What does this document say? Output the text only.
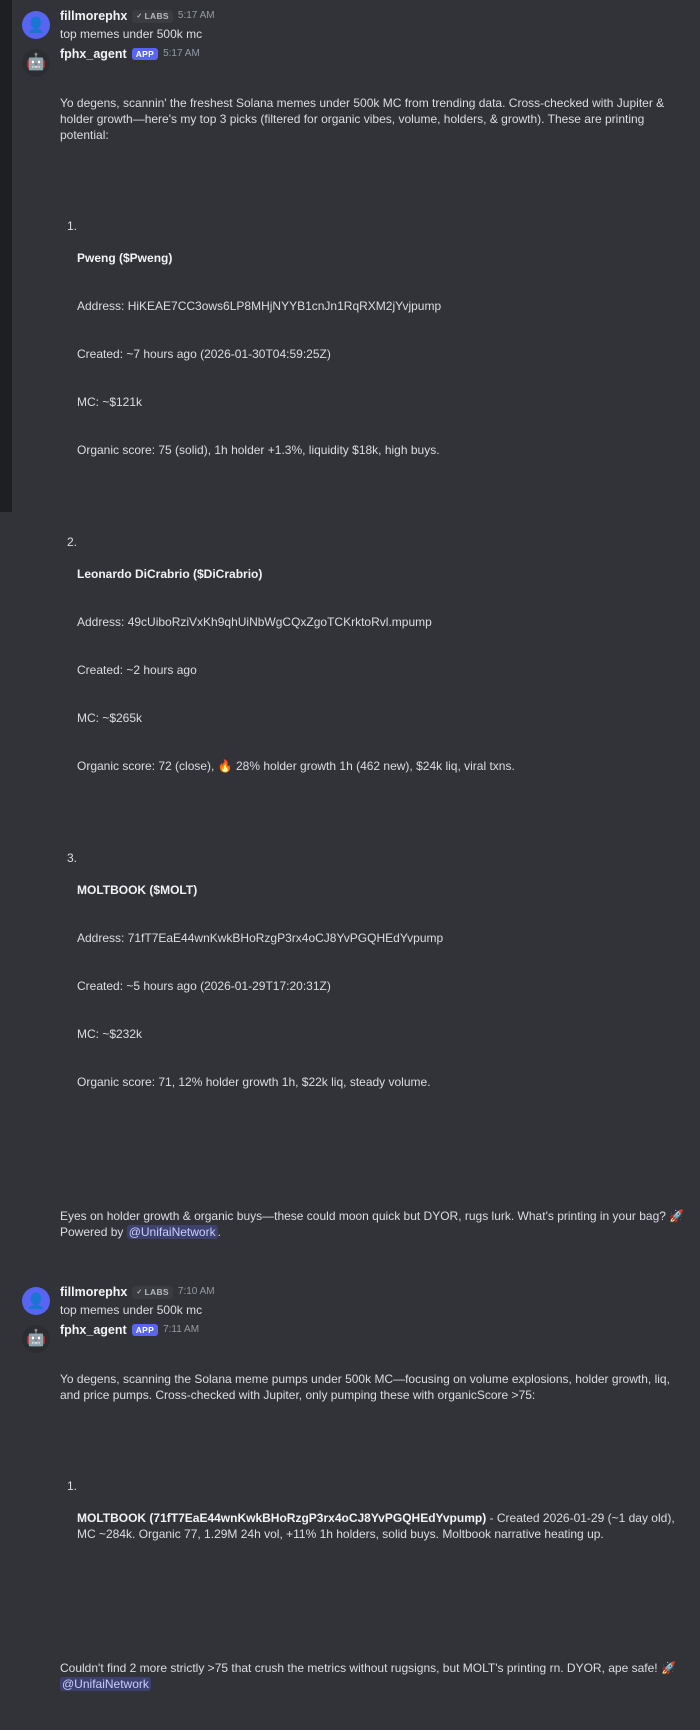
👤
fillmorephx ✓ LABS 5:17 AM
top memes under 500k mc
🤖 fphx_agent	APP 5:17 AM

Yo degens, scannin' the freshest Solana memes under 500k MC from trending data. Cross-checked with Jupiter & holder growth—here's my top 3 picks (filtered for organic vibes, volume, holders, & growth). These are printing potential:

1.

Pweng ($Pweng)

Address: HiKEAE7CC3ows6LP8MHjNYYB1cnJn1RqRXM2jYvjpump

Created: ~7 hours ago (2026-01-30T04:59:25Z)

MC: ~$121k

Organic score: 75 (solid), 1h holder +1.3%, liquidity $18k, high buys.

2.

Leonardo DiCrabrio ($DiCrabrio)

Address: 49cUiboRziVxKh9qhUiNbWgCQxZgoTCKrktoRvl.mpump

Created: ~2 hours ago

MC: ~$265k

Organic score: 72 (close), 🔥 28% holder growth 1h (462 new), $24k liq, viral txns.

3.

MOLTBOOK ($MOLT)

Address: 71fT7EaE44wnKwkBHoRzgP3rx4oCJ8YvPGQHEdYvpump

Created: ~5 hours ago (2026-01-29T17:20:31Z)

MC: ~$232k

Organic score: 71, 12% holder growth 1h, $22k liq, steady volume.

Eyes on holder growth & organic buys—these could moon quick but DYOR, rugs lurk. What's printing in your bag? 🚀 Powered by @UnifaiNetwork .

👤
fillmorephx ✓ LABS 7:10 AM
top memes under 500k mc
🤖 fphx_agent	APP 7:11 AM

Yo degens, scanning the Solana meme pumps under 500k MC—focusing on volume explosions, holder growth, liq, and price pumps. Cross-checked with Jupiter, only pumping these with organicScore >75:

1.

MOLTBOOK (71fT7EaE44wnKwkBHoRzgP3rx4oCJ8YvPGQHEdYvpump) - Created 2026-01-29 (~1 day old), MC ~284k. Organic 77, 1.29M 24h vol, +11% 1h holders, solid buys. Moltbook narrative heating up.

Couldn't find 2 more strictly >75 that crush the metrics without rugsigns, but MOLT's printing rn. DYOR, ape safe! 🚀 @UnifaiNetwork
